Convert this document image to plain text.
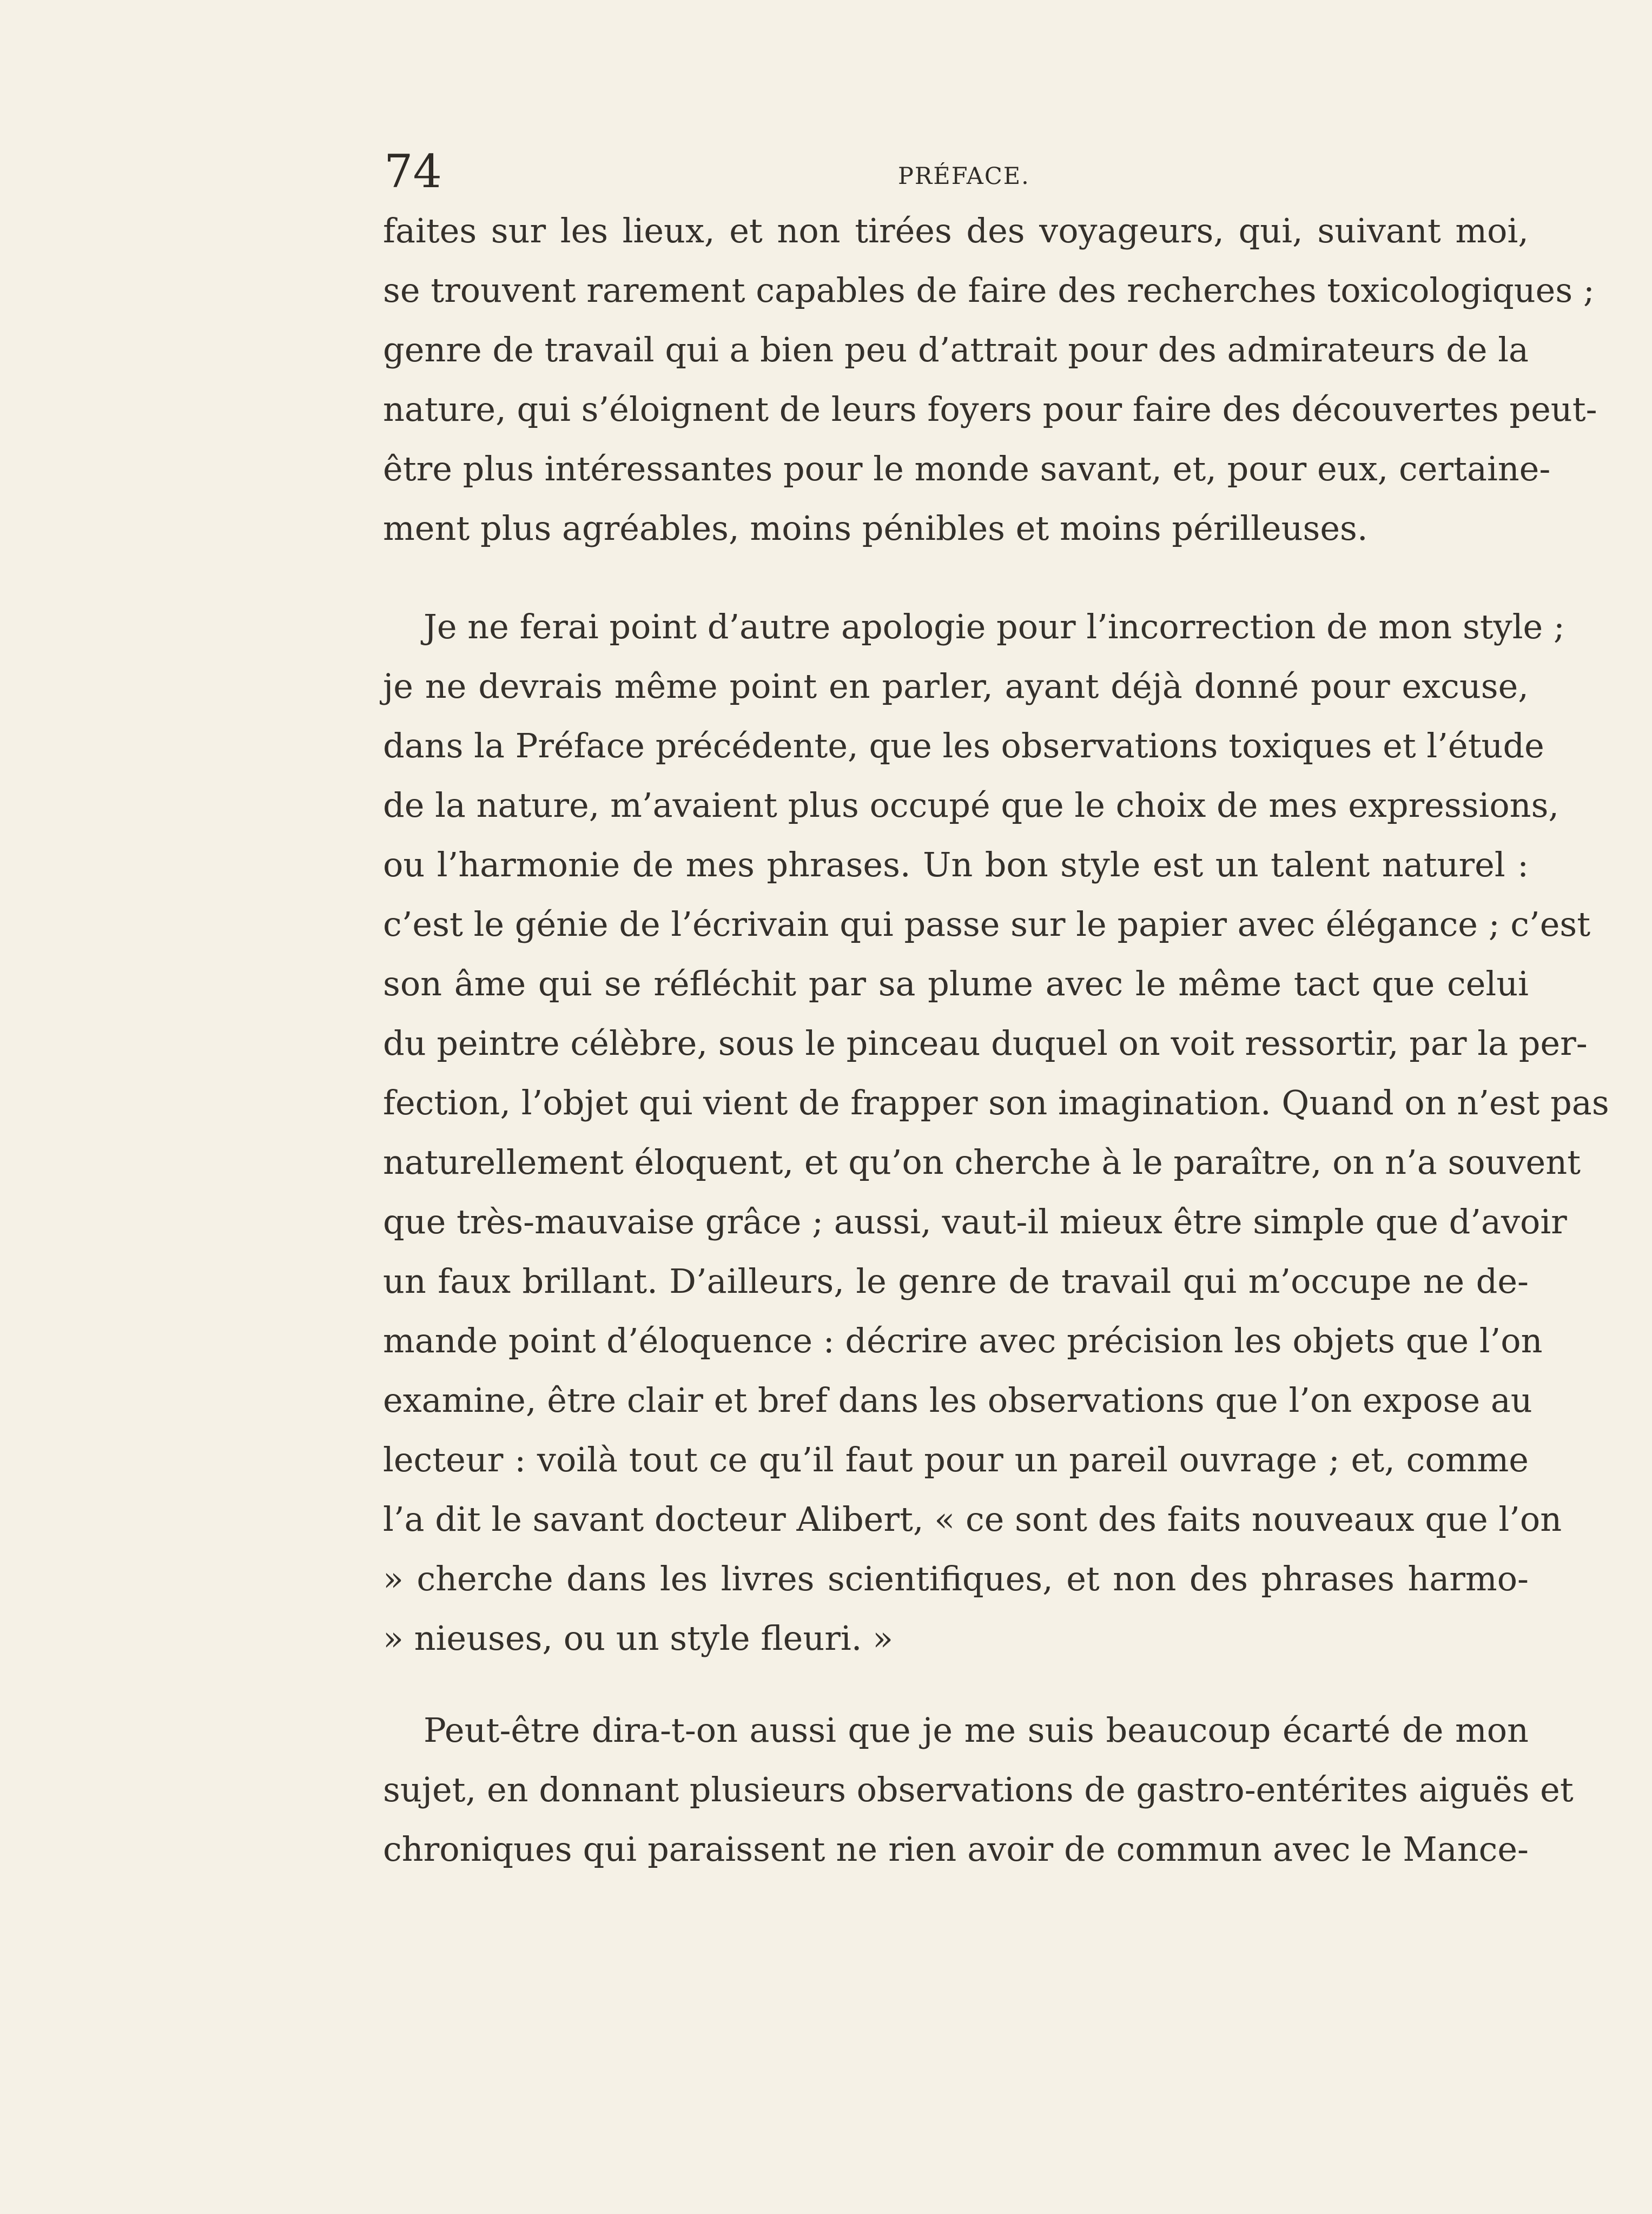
74	PRÉFACE.
faites sur les lieux, et non tirées des voyageurs, qui, suivant moi,
se trouvent rarement capables de faire des recherches toxicologiques ;
genre de travail qui a bien peu d’attrait pour des admirateurs de la
nature, qui s’éloignent de leurs foyers pour faire des découvertes peut-
être plus intéressantes pour le monde savant, et, pour eux, certaine-
ment plus agréables, moins pénibles et moins périlleuses.
Je ne ferai point d’autre apologie pour l’incorrection de mon style ;
je ne devrais même point en parler, ayant déjà donné pour excuse,
dans la Préface précédente, que les observations toxiques et l’étude
de la nature, m’avaient plus occupé que le choix de mes expressions,
ou l’harmonie de mes phrases. Un bon style est un talent naturel :
c’est le génie de l’écrivain qui passe sur le papier avec élégance ; c’est
son âme qui se réfléchit par sa plume avec le même tact que celui
du peintre célèbre, sous le pinceau duquel on voit ressortir, par la per-
fection, l’objet qui vient de frapper son imagination. Quand on n’est pas
naturellement éloquent, et qu’on cherche à le paraître, on n’a souvent
que très-mauvaise grâce ; aussi, vaut-il mieux être simple que d’avoir
un faux brillant. D’ailleurs, le genre de travail qui m’occupe ne de-
mande point d’éloquence : décrire avec précision les objets que l’on
examine, être clair et bref dans les observations que l’on expose au
lecteur : voilà tout ce qu’il faut pour un pareil ouvrage ; et, comme
l’a dit le savant docteur Alibert, « ce sont des faits nouveaux que l’on
» cherche dans les livres scientifiques, et non des phrases harmo-
» nieuses, ou un style fleuri. »
Peut-être dira-t-on aussi que je me suis beaucoup écarté de mon
sujet, en donnant plusieurs observations de gastro-entérites aiguës et
chroniques qui paraissent ne rien avoir de commun avec le Mance-
